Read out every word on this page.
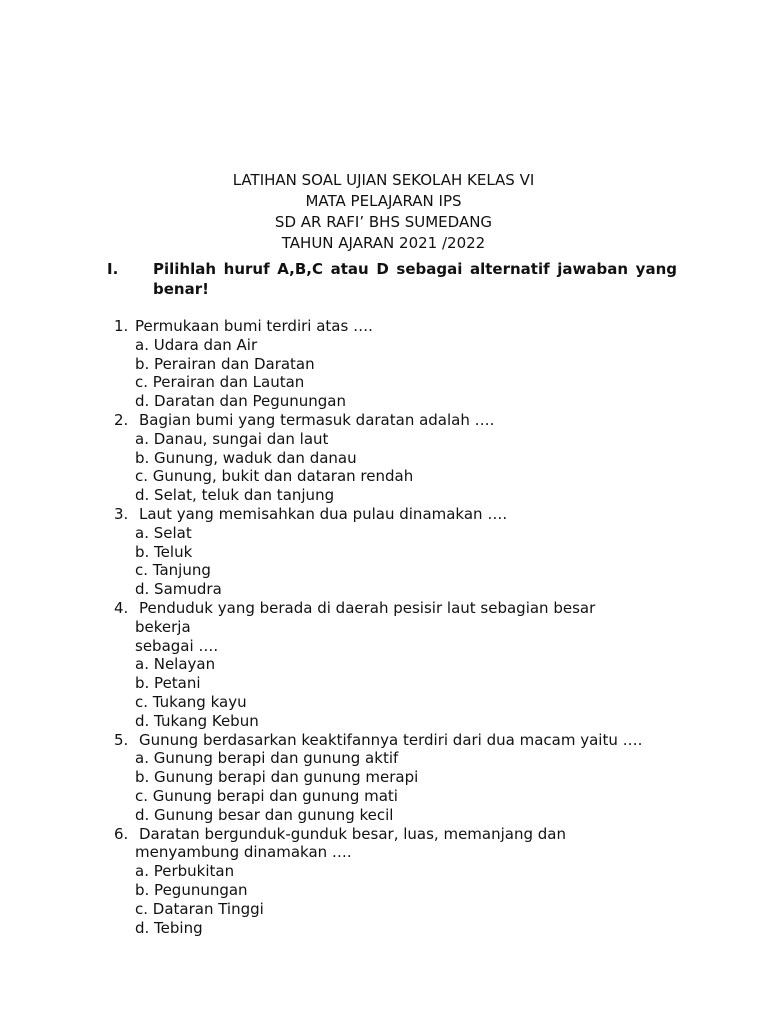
LATIHAN SOAL UJIAN SEKOLAH KELAS VI
MATA PELAJARAN IPS
SD AR RAFI’ BHS SUMEDANG
TAHUN AJARAN 2021 /2022
I. Pilihlah huruf A,B,C atau D sebagai alternatif jawaban yang benar!
1. Permukaan bumi terdiri atas ….
a. Udara dan Air
b. Perairan dan Daratan
c. Perairan dan Lautan
d. Daratan dan Pegunungan
2. Bagian bumi yang termasuk daratan adalah ….
a. Danau, sungai dan laut
b. Gunung, waduk dan danau
c. Gunung, bukit dan dataran rendah
d. Selat, teluk dan tanjung
3. Laut yang memisahkan dua pulau dinamakan ….
a. Selat
b. Teluk
c. Tanjung
d. Samudra
4. Penduduk yang berada di daerah pesisir laut sebagian besar bekerja
sebagai ….
a. Nelayan
b. Petani
c. Tukang kayu
d. Tukang Kebun
5. Gunung berdasarkan keaktifannya terdiri dari dua macam yaitu ….
a. Gunung berapi dan gunung aktif
b. Gunung berapi dan gunung merapi
c. Gunung berapi dan gunung mati
d. Gunung besar dan gunung kecil
6. Daratan bergunduk-gunduk besar, luas, memanjang dan
menyambung dinamakan ….
a. Perbukitan
b. Pegunungan
c. Dataran Tinggi
d. Tebing
